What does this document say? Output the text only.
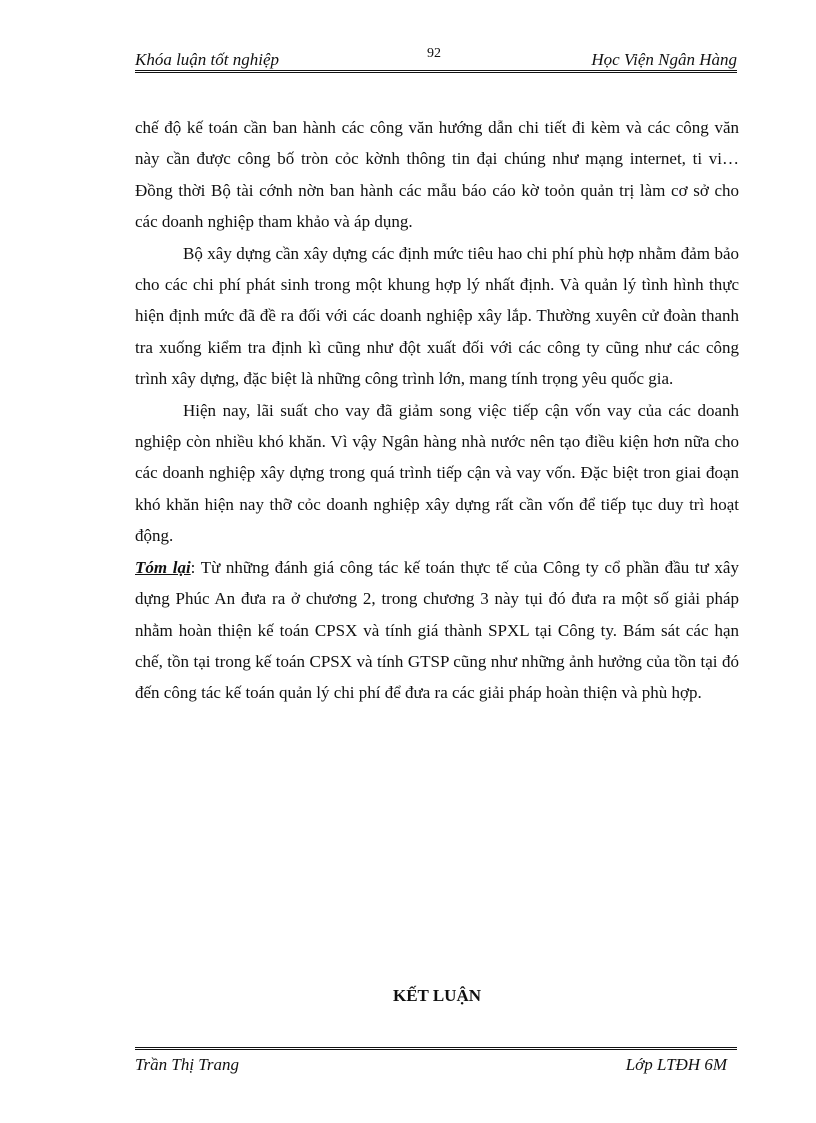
Khóa luận tốt nghiệp	92	Học Viện Ngân Hàng

chế độ kế toán cần ban hành các công văn hướng dẫn chi tiết đi kèm và các công văn này cần được công bố tròn cỏc kờnh thông tin đại chúng như mạng internet, ti vi… Đồng thời Bộ tài cớnh nờn ban hành các mẫu báo cáo kờ toỏn quản trị làm cơ sở cho các doanh nghiệp tham khảo và áp dụng.

Bộ xây dựng cần xây dựng các định mức tiêu hao chi phí phù hợp nhằm đảm bảo cho các chi phí phát sinh trong một khung hợp lý nhất định. Và quản lý tình hình thực hiện định mức đã đề ra đối với các doanh nghiệp xây lắp. Thường xuyên cử đoàn thanh tra xuống kiểm tra định kì cũng như đột xuất đối với các công ty cũng như các công trình xây dựng, đặc biệt là những công trình lớn, mang tính trọng yêu quốc gia.

Hiện nay, lãi suất cho vay đã giảm song việc tiếp cận vốn vay của các doanh nghiệp còn nhiều khó khăn. Vì vậy Ngân hàng nhà nước nên tạo điều kiện hơn nữa cho các doanh nghiệp xây dựng trong quá trình tiếp cận và vay vốn. Đặc biệt tron giai đoạn khó khăn hiện nay thỡ cỏc doanh nghiệp xây dựng rất cần vốn để tiếp tục duy trì hoạt động.

Tóm lại: Từ những đánh giá công tác kế toán thực tế của Công ty cổ phần đầu tư xây dựng Phúc An đưa ra ở chương 2, trong chương 3 này tụi đó đưa ra một số giải pháp nhằm hoàn thiện kế toán CPSX và tính giá thành SPXL tại Công ty. Bám sát các hạn chế, tồn tại trong kế toán CPSX và tính GTSP cũng như những ảnh hưởng của tồn tại đó đến công tác kế toán quản lý chi phí để đưa ra các giải pháp hoàn thiện và phù hợp.

KẾT LUẬN
Trần Thị Trang	Lớp LTĐH 6M
